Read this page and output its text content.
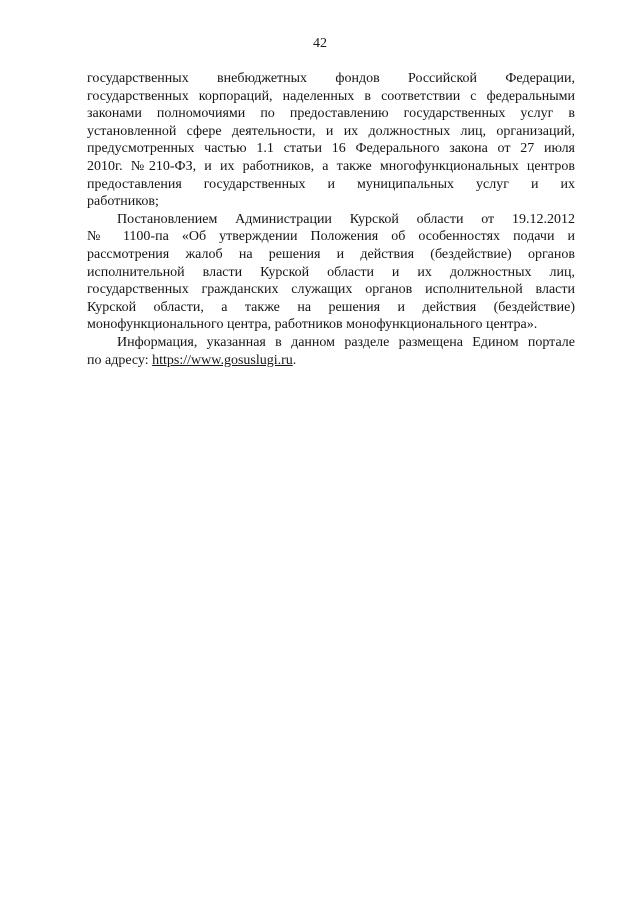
42
государственных внебюджетных фондов Российской Федерации,
государственных корпораций, наделенных в соответствии с федеральными
законами полномочиями по предоставлению государственных услуг в
установленной сфере деятельности, и их должностных лиц, организаций,
предусмотренных частью 1.1 статьи 16 Федерального закона от 27 июля
2010г. №210-ФЗ, и их работников, а также многофункциональных центров
предоставления государственных и муниципальных услуг и их
работников;
Постановлением Администрации Курской области от 19.12.2012
№ 1100-па «Об утверждении Положения об особенностях подачи и
рассмотрения жалоб на решения и действия (бездействие) органов
исполнительной власти Курской области и их должностных лиц,
государственных гражданских служащих органов исполнительной власти
Курской области, а также на решения и действия (бездействие)
монофункционального центра, работников монофункционального центра».
Информация, указанная в данном разделе размещена Едином портале
по адресу: https://www.gosuslugi.ru.
